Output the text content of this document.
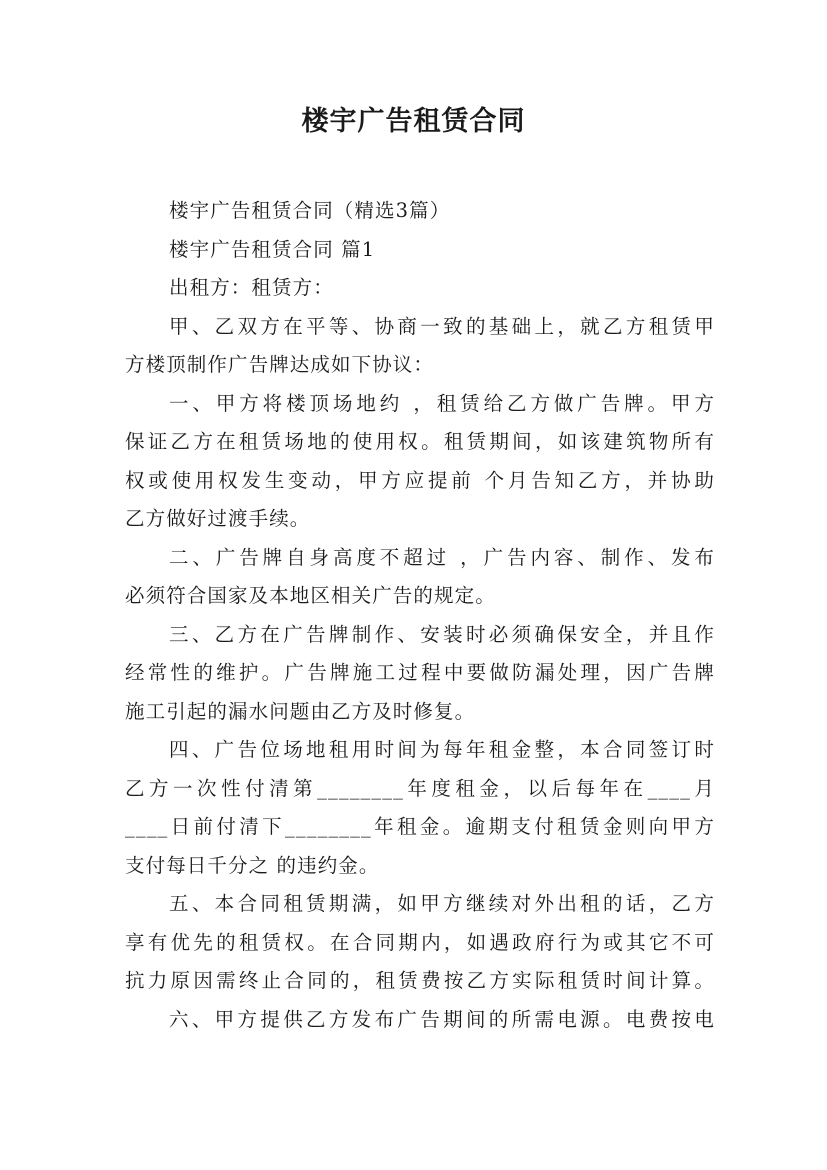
楼宇广告租赁合同
楼宇广告租赁合同（精选3篇）
楼宇广告租赁合同 篇1
出租方：租赁方：
甲、乙双方在平等、协商一致的基础上，就乙方租赁甲
方楼顶制作广告牌达成如下协议：
一、甲方将楼顶场地约 ，租赁给乙方做广告牌。甲方
保证乙方在租赁场地的使用权。租赁期间，如该建筑物所有
权或使用权发生变动，甲方应提前 个月告知乙方，并协助
乙方做好过渡手续。
二、广告牌自身高度不超过 ，广告内容、制作、发布
必须符合国家及本地区相关广告的规定。
三、乙方在广告牌制作、安装时必须确保安全，并且作
经常性的维护。广告牌施工过程中要做防漏处理，因广告牌
施工引起的漏水问题由乙方及时修复。
四、广告位场地租用时间为每年租金整，本合同签订时
乙方一次性付清第________年度租金，以后每年在____月
____日前付清下________年租金。逾期支付租赁金则向甲方
支付每日千分之 的违约金。
五、本合同租赁期满，如甲方继续对外出租的话，乙方
享有优先的租赁权。在合同期内，如遇政府行为或其它不可
抗力原因需终止合同的，租赁费按乙方实际租赁时间计算。
六、甲方提供乙方发布广告期间的所需电源。电费按电
